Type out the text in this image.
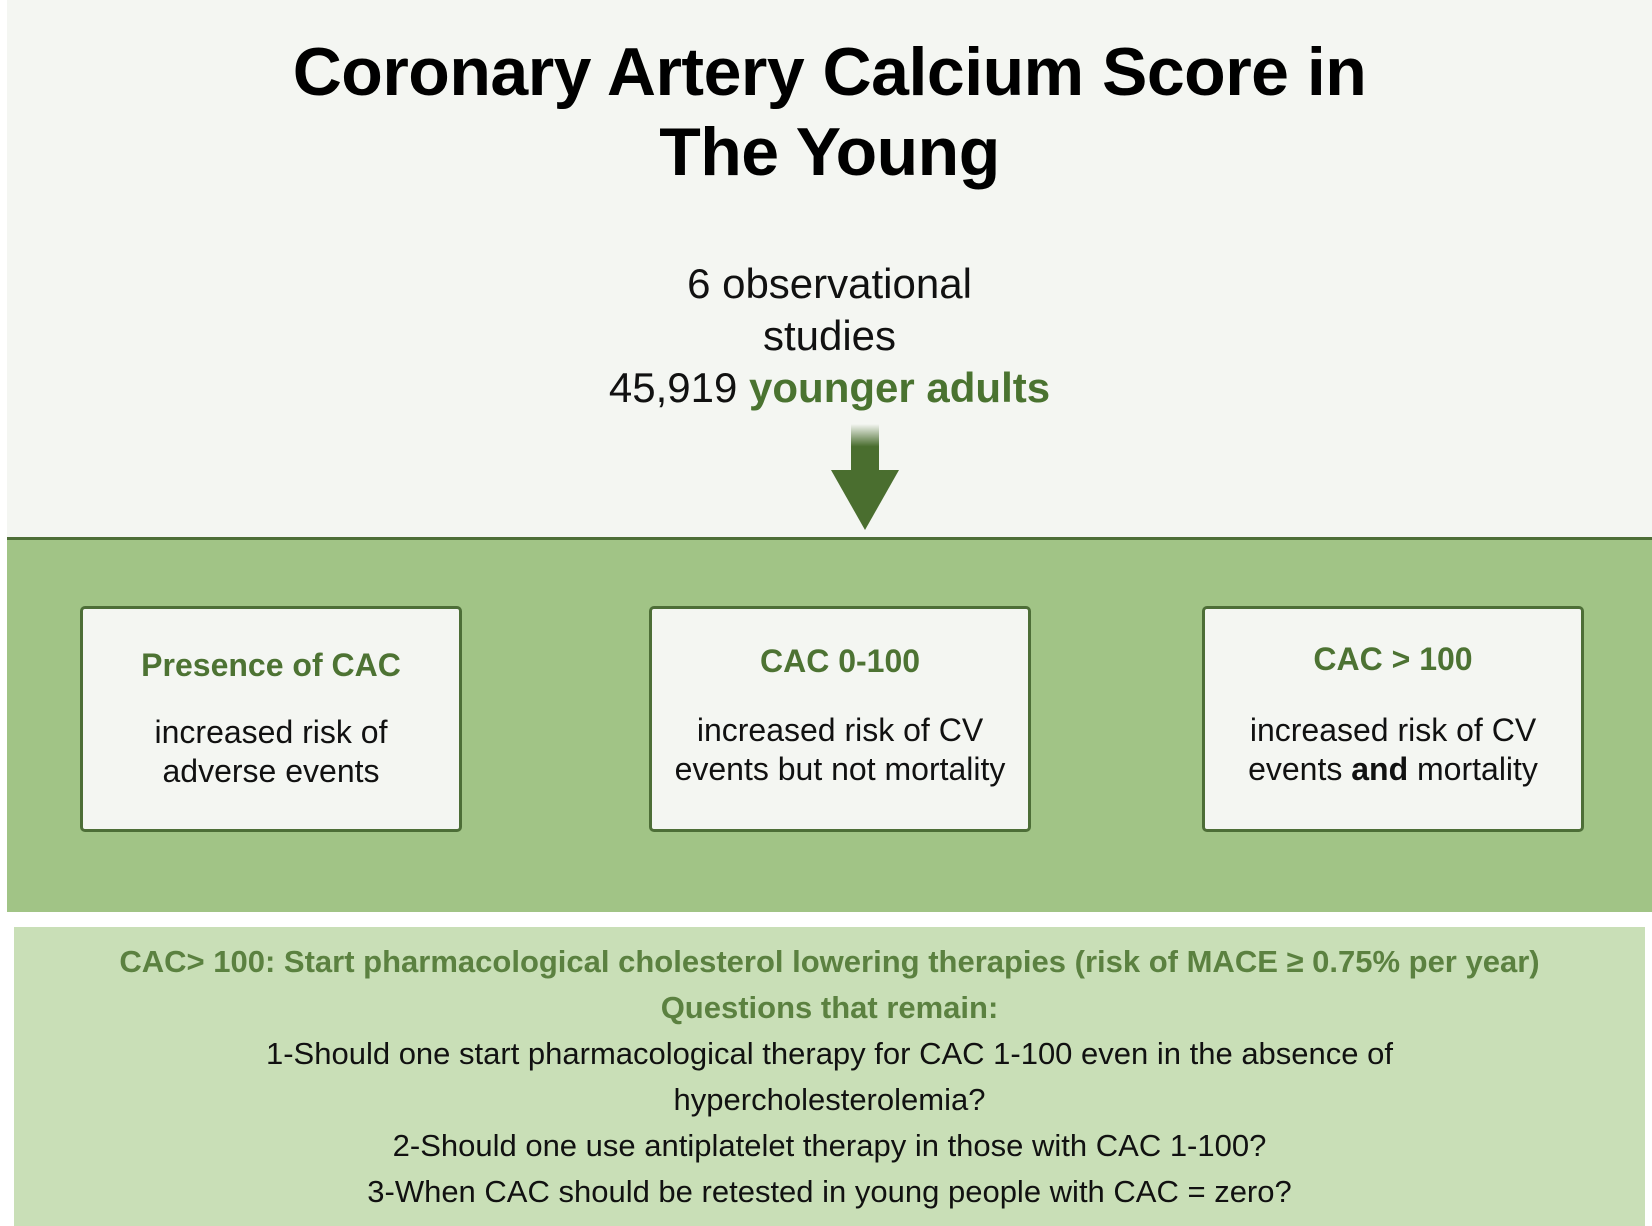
Coronary Artery Calcium Score in
The Young
6 observational
studies
45,919 younger adults
Presence of CAC
increased risk of
adverse events
CAC 0-100
increased risk of CV
events but not mortality
CAC > 100
increased risk of CV
events and mortality
CAC> 100: Start pharmacological cholesterol lowering therapies (risk of MACE ≥ 0.75% per year)
Questions that remain:
1-Should one start pharmacological therapy for CAC 1-100 even in the absence of
hypercholesterolemia?
2-Should one use antiplatelet therapy in those with CAC 1-100?
3-When CAC should be retested in young people with CAC = zero?
